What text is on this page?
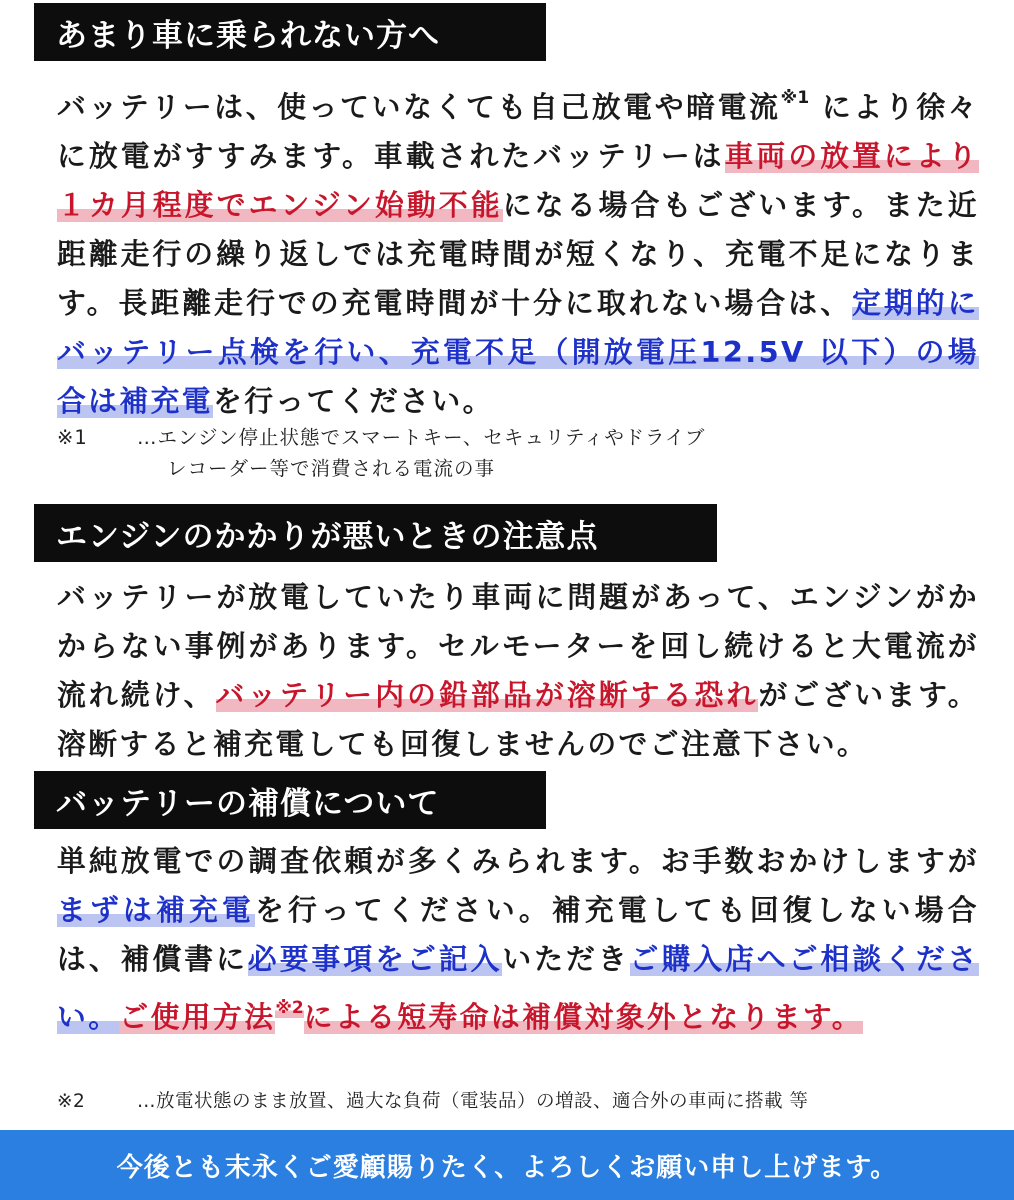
あまり車に乗られない方へ
バッテリーは、使っていなくても自己放電や暗電流$^{※1}$ により徐々に放電がすすみます。車載されたバッテリーは車両の放置により１カ月程度でエンジン始動不能になる場合もございます。また近距離走行の繰り返しでは充電時間が短くなり、充電不足になります。長距離走行での充電時間が十分に取れない場合は、定期的にバッテリー点検を行い、充電不足（開放電圧12.5V 以下）の場合は補充電を行ってください。
※1	…エンジン停止状態でスマートキー、セキュリティやドライブ
レコーダー等で消費される電流の事
エンジンのかかりが悪いときの注意点
バッテリーが放電していたり車両に問題があって、エンジンがかからない事例があります。セルモーターを回し続けると大電流が流れ続け、バッテリー内の鉛部品が溶断する恐れがございます。溶断すると補充電しても回復しませんのでご注意下さい。
バッテリーの補償について
単純放電での調査依頼が多くみられます。お手数おかけしますがまずは補充電を行ってください。補充電しても回復しない場合は、補償書に必要事項をご記入いただきご購入店へご相談ください。ご使用方法$^{※2}$による短寿命は補償対象外となります。
※2	…放電状態のまま放置、過大な負荷（電装品）の増設、適合外の車両に搭載 等
今後とも末永くご愛顧賜りたく、よろしくお願い申し上げます。
